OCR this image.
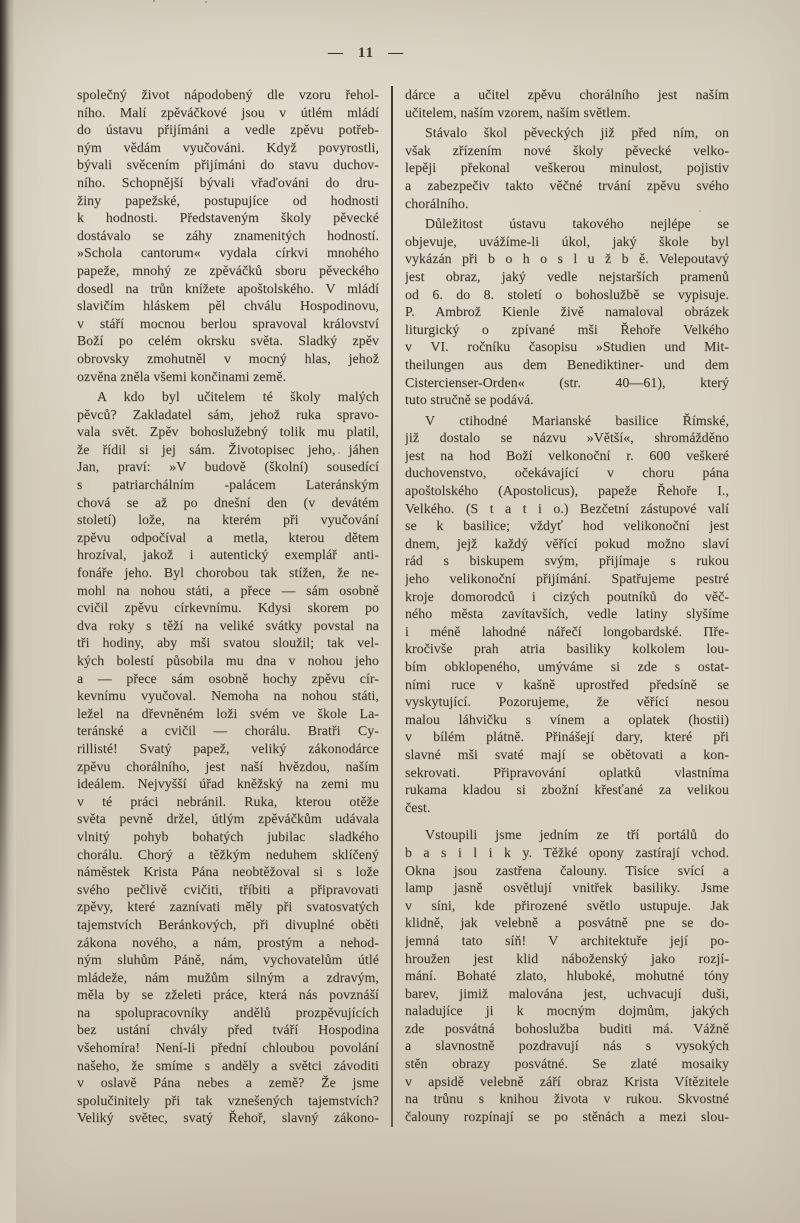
— 11 —
společný život nápodobený dle vzoru řehol-
ního. Malí zpěváčkové jsou v útlém mládí
do ústavu přijímáni a vedle zpěvu potřeb-
ným vědám vyučováni. Když povyrostli,
bývali svěcením přijímáni do stavu duchov-
ního. Schopnější bývali vřaďováni do dru-
žiny papežské, postupujíce od hodnosti
k hodnosti. Představeným školy pěvecké
dostávalo se záhy znamenitých hodností.
»Schola cantorum« vydala církvi mnohého
papeže, mnohý ze zpěváčků sboru pěveckého
dosedl na trůn knížete apoštolského. V mládí
slavičím hláskem pěl chválu Hospodinovu,
v stáří mocnou berlou spravoval království
Boží po celém okrsku světa. Sladký zpěv
obrovsky zmohutněl v mocný hlas, jehož
ozvěna zněla všemi končinami země.
A kdo byl učitelem té školy malých
pěvců? Zakladatel sám, jehož ruka spravo-
vala svět. Zpěv bohoslužebný tolik mu platil,
že řídil si jej sám. Životopisec jeho, jáhen
Jan, praví: »V budově (školní) sousedící
s patriarchálním -palácem Lateránským
chová se až po dnešní den (v devátém
století) lože, na kterém při vyučování
zpěvu odpočíval a metla, kterou dětem
hrozíval, jakož i autentický exemplář anti-
fonáře jeho. Byl chorobou tak stížen, že ne-
mohl na nohou státi, a přece — sám osobně
cvičil zpěvu církevnímu. Kdysi skorem po
dva roky s těží na veliké svátky povstal na
tři hodiny, aby mši svatou sloužil; tak vel-
kých bolestí působila mu dna v nohou jeho
a — přece sám osobně hochy zpěvu cír-
kevnímu vyučoval. Nemoha na nohou státi,
ležel na dřevněném loži svém ve škole La-
teránské a cvičil — chorálu. Bratři Cy-
rillisté! Svatý papež, veliký zákonodárce
zpěvu chorálního, jest naší hvězdou, naším
ideálem. Nejvyšší úřad kněžský na zemi mu
v té práci nebránil. Ruka, kterou otěže
světa pevně držel, útlým zpěváčkům udávala
vlnitý pohyb bohatých jubilac sladkého
chorálu. Chorý a těžkým neduhem sklíčený
náměstek Krista Pána neobtěžoval si s lože
svého pečlivě cvičiti, tříbiti a připravovati
zpěvy, které zaznívati měly při svatosvatých
tajemstvích Beránkových, při divuplné oběti
zákona nového, a nám, prostým a nehod-
ným sluhům Páně, nám, vychovatelům útlé
mládeže, nám mužům silným a zdravým,
měla by se zželeti práce, která nás povznáší
na spolupracovníky andělů prozpěvujících
bez ustání chvály před tváří Hospodina
všehomíra! Není-li přední chloubou povolání
našeho, že smíme s anděly a světci závoditi
v oslavě Pána nebes a země? Že jsme
spolučinitely při tak vznešených tajemstvích?
Veliký světec, svatý Řehoř, slavný zákono-
dárce a učitel zpěvu chorálního jest naším
učitelem, naším vzorem, naším světlem.
Stávalo škol pěveckých již před ním, on
však zřízením nové školy pěvecké velko-
lepěji překonal veškerou minulost, pojistiv
a zabezpečiv takto věčné trvání zpěvu svého
chorálního.
Důležitost ústavu takového nejlépe se
objevuje, uvážíme-li úkol, jaký škole byl
vykázán při b o h o s l u ž b ě. Velepoutavý
jest obraz, jaký vedle nejstarších pramenů
od 6. do 8. století o bohoslužbě se vypisuje.
P. Ambrož Kienle živě namaloval obrázek
liturgický o zpívané mši Řehoře Velkého
v VI. ročníku časopisu »Studien und Mit-
theilungen aus dem Benediktiner- und dem
Cistercienser-Orden« (str. 40—61), který
tuto stručně se podává.
V ctihodné Marianské basilice Římské,
již dostalo se názvu »Větší«, shromážděno
jest na hod Boží velkonoční r. 600 veškeré
duchovenstvo, očekávající v choru pána
apoštolského (Apostolicus), papeže Řehoře I.,
Velkého. (S t a t i o.) Bezčetní zástupové valí
se k basilice; vždyť hod velikonoční jest
dnem, jejž každý věřící pokud možno slaví
rád s biskupem svým, přijímaje s rukou
jeho velikonoční přijímání. Spatřujeme pestré
kroje domorodců i cizých poutníků do věč-
ného města zavítavších, vedle latiny slyšíme
i méně lahodné nářečí longobardské. Пře-
kročivše prah atria basiliky kolkolem lou-
bím obklopeného, umýváme si zde s ostat-
ními ruce v kašně uprostřed předsíně se
vyskytující. Pozorujeme, že věřící nesou
malou láhvičku s vínem a oplatek (hostii)
v bílém plátně. Přinášejí dary, které při
slavné mši svaté mají se obětovati a kon-
sekrovati. Připravování oplatků vlastníma
rukama kladou si zbožní křesťané za velikou
čest.
Vstoupili jsme jedním ze tří portálů do
b a s i l i k y. Těžké opony zastírají vchod.
Okna jsou zastřena čalouny. Tisíce svící a
lamp jasně osvětlují vnitřek basiliky. Jsme
v síni, kde přirozené světlo ustupuje. Jak
klidně, jak velebně a posvátně pne se do-
jemná tato síň! V architektuře její po-
hroužen jest klid náboženský jako rozjí-
mání. Bohaté zlato, hluboké, mohutné tóny
barev, jimiž malována jest, uchvacují duši,
naladujíce ji k mocným dojmům, jakých
zde posvátná bohoslužba buditi má. Vážně
a slavnostně pozdravují nás s vysokých
stěn obrazy posvátné. Se zlaté mosaiky
v apsidě velebně září obraz Krista Vítězitele
na trůnu s knihou života v rukou. Skvostné
čalouny rozpínají se po stěnách a mezi slou-
